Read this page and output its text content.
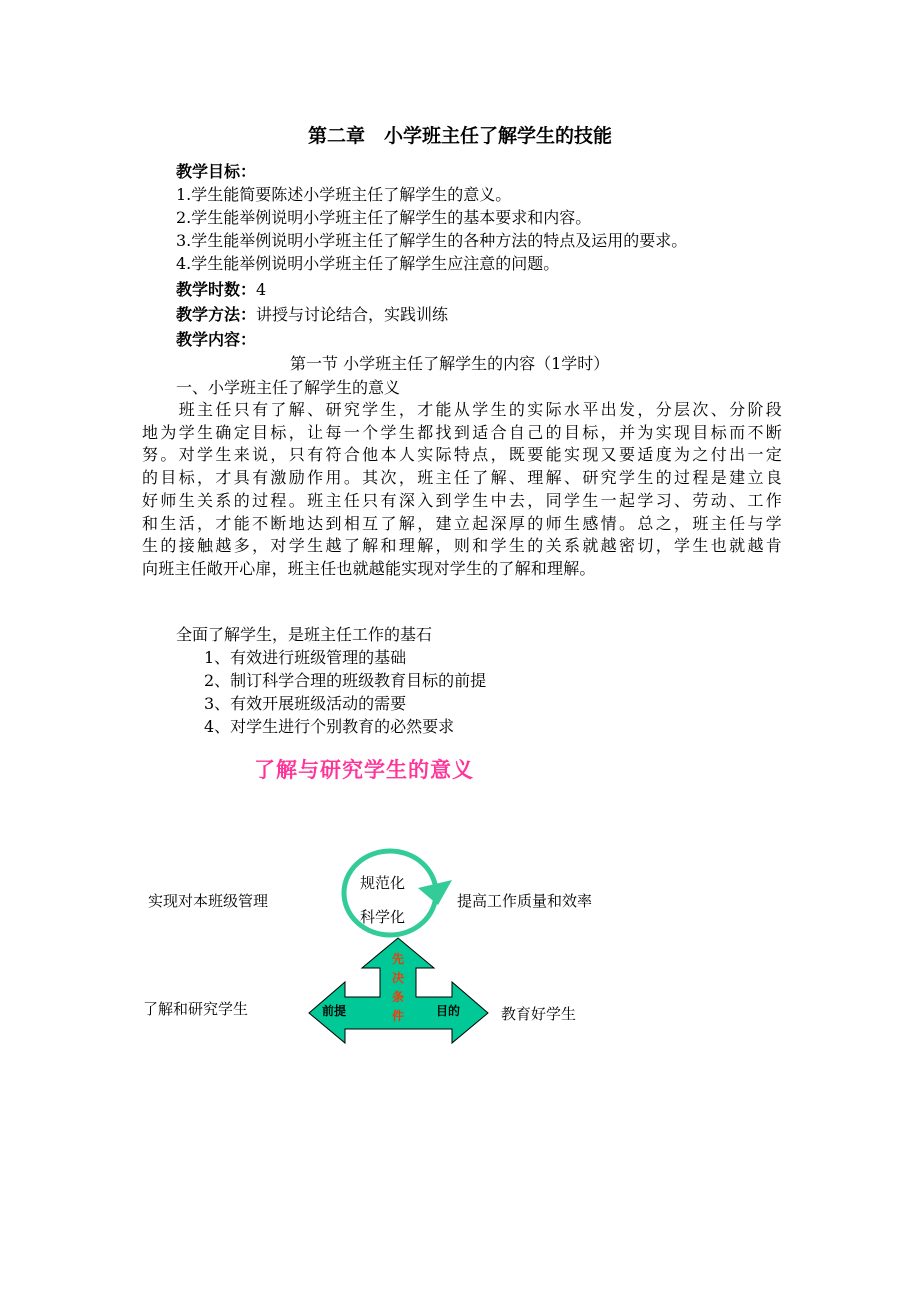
第二章　小学班主任了解学生的技能
教学目标：
1.学生能简要陈述小学班主任了解学生的意义。
2.学生能举例说明小学班主任了解学生的基本要求和内容。
3.学生能举例说明小学班主任了解学生的各种方法的特点及运用的要求。
4.学生能举例说明小学班主任了解学生应注意的问题。
教学时数：4
教学方法：讲授与讨论结合，实践训练
教学内容：
第一节 小学班主任了解学生的内容（1学时）
一、小学班主任了解学生的意义
　　班主任只有了解、研究学生，才能从学生的实际水平出发，分层次、分阶段
地为学生确定目标，让每一个学生都找到适合自己的目标，并为实现目标而不断
努。对学生来说，只有符合他本人实际特点，既要能实现又要适度为之付出一定
的目标，才具有激励作用。其次，班主任了解、理解、研究学生的过程是建立良
好师生关系的过程。班主任只有深入到学生中去，同学生一起学习、劳动、工作
和生活，才能不断地达到相互了解，建立起深厚的师生感情。总之，班主任与学
生的接触越多，对学生越了解和理解，则和学生的关系就越密切，学生也就越肯
向班主任敞开心扉，班主任也就越能实现对学生的了解和理解。
全面了解学生，是班主任工作的基石
1、有效进行班级管理的基础
2、制订科学合理的班级教育目标的前提
3、有效开展班级活动的需要
4、对学生进行个别教育的必然要求
了解与研究学生的意义
实现对本班级管理
了解和研究学生
规范化
科学化
提高工作质量和效率
教育好学生
前提	目的
先
决
条
件
